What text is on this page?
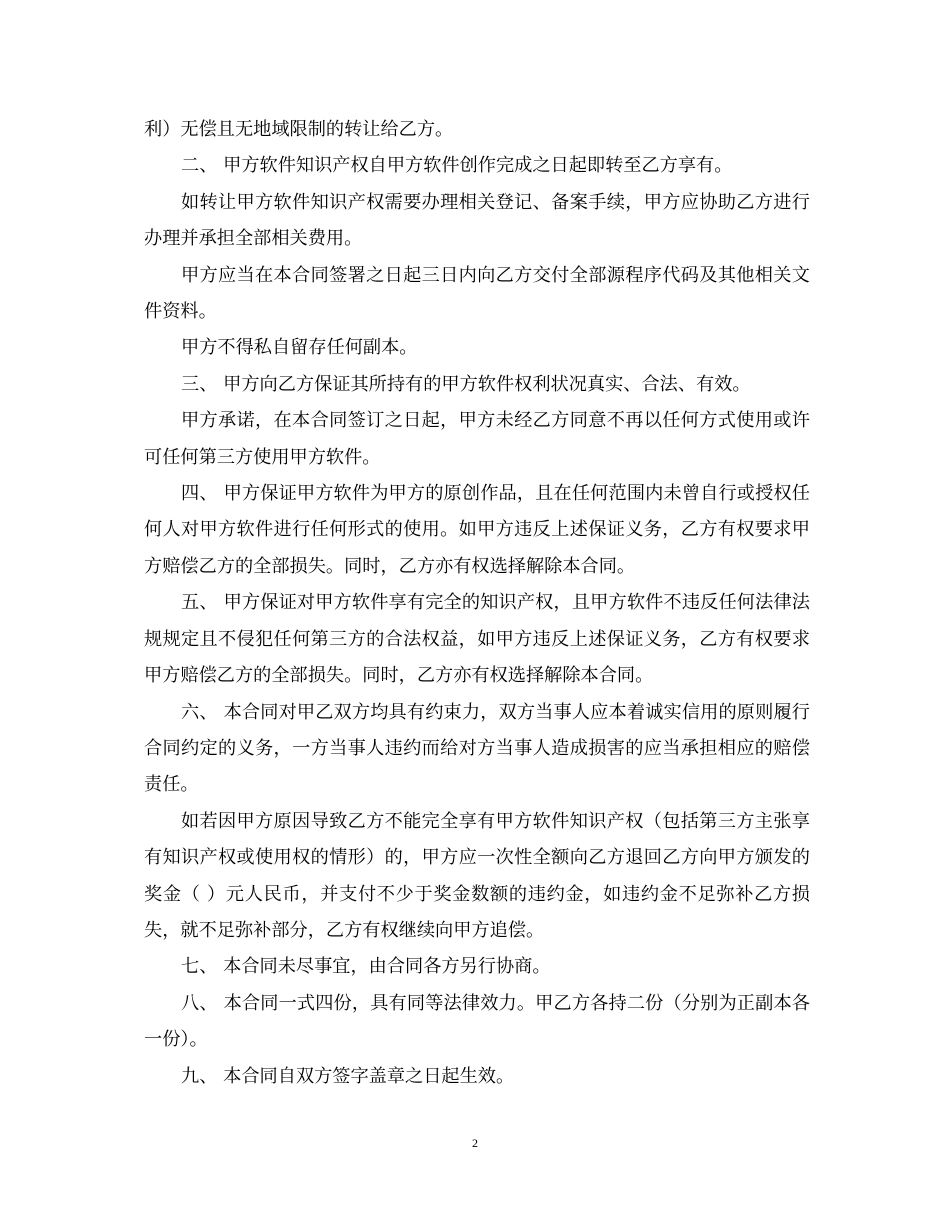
利）无偿且无地域限制的转让给乙方。

二、 甲方软件知识产权自甲方软件创作完成之日起即转至乙方享有。

如转让甲方软件知识产权需要办理相关登记、备案手续，甲方应协助乙方进行办理并承担全部相关费用。

甲方应当在本合同签署之日起三日内向乙方交付全部源程序代码及其他相关文件资料。

甲方不得私自留存任何副本。

三、 甲方向乙方保证其所持有的甲方软件权利状况真实、合法、有效。

甲方承诺，在本合同签订之日起，甲方未经乙方同意不再以任何方式使用或许可任何第三方使用甲方软件。

四、 甲方保证甲方软件为甲方的原创作品，且在任何范围内未曾自行或授权任何人对甲方软件进行任何形式的使用。如甲方违反上述保证义务，乙方有权要求甲方赔偿乙方的全部损失。同时，乙方亦有权选择解除本合同。

五、 甲方保证对甲方软件享有完全的知识产权，且甲方软件不违反任何法律法规规定且不侵犯任何第三方的合法权益，如甲方违反上述保证义务，乙方有权要求甲方赔偿乙方的全部损失。同时，乙方亦有权选择解除本合同。

六、 本合同对甲乙双方均具有约束力，双方当事人应本着诚实信用的原则履行合同约定的义务，一方当事人违约而给对方当事人造成损害的应当承担相应的赔偿责任。

如若因甲方原因导致乙方不能完全享有甲方软件知识产权（包括第三方主张享有知识产权或使用权的情形）的，甲方应一次性全额向乙方退回乙方向甲方颁发的奖金（ ）元人民币，并支付不少于奖金数额的违约金，如违约金不足弥补乙方损失，就不足弥补部分，乙方有权继续向甲方追偿。

七、 本合同未尽事宜，由合同各方另行协商。

八、 本合同一式四份，具有同等法律效力。甲乙方各持二份（分别为正副本各一份）。

九、 本合同自双方签字盖章之日起生效。

2
